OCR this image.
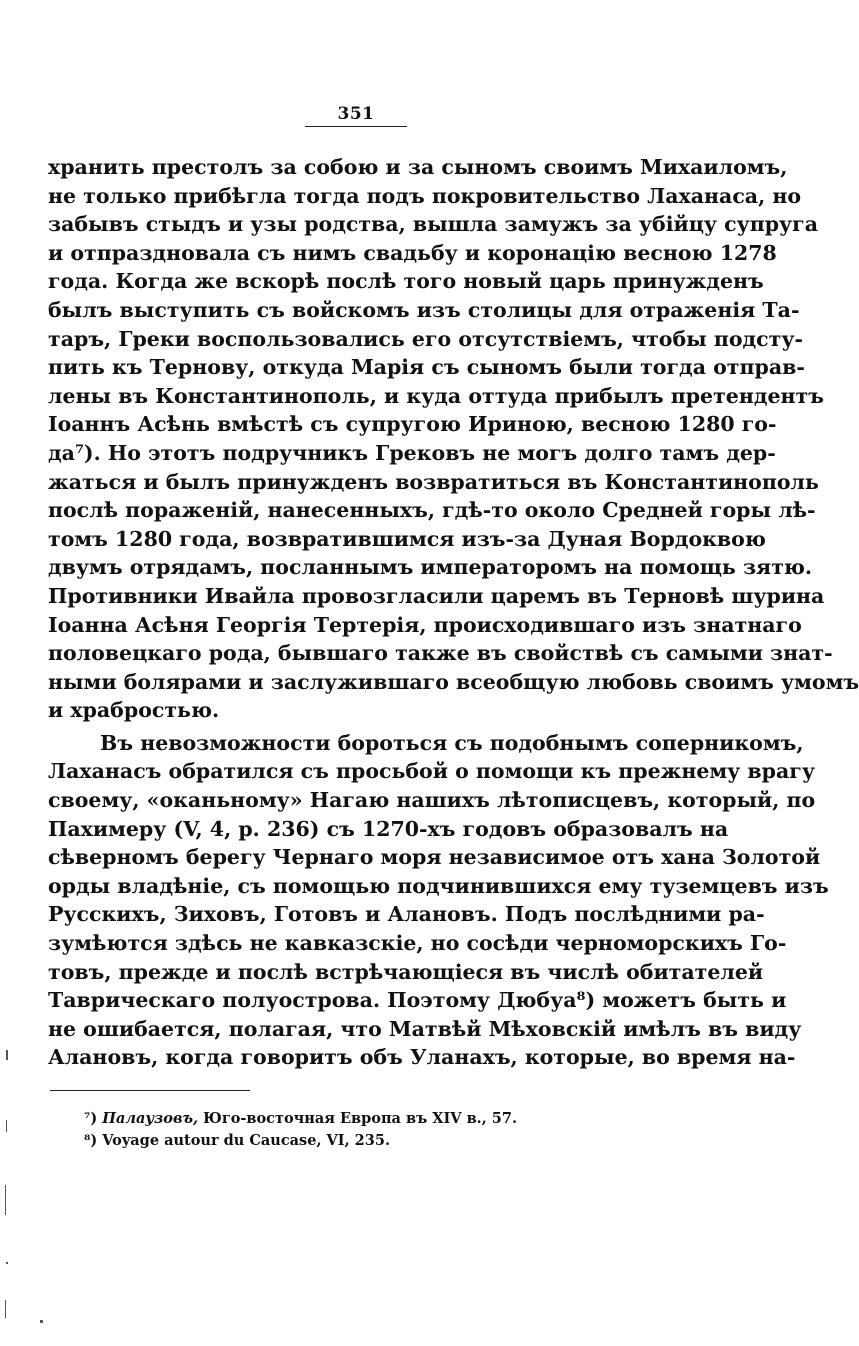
351
хранить престолъ за собою и за сыномъ своимъ Михаиломъ,
не только прибѣгла тогда подъ покровительство Лаханаса, но
забывъ стыдъ и узы родства, вышла замужъ за убійцу супруга
и отпраздновала съ нимъ свадьбу и коронацію весною 1278
года. Когда же вскорѣ послѣ того новый царь принужденъ
былъ выступить съ войскомъ изъ столицы для отраженія Та-
таръ, Греки воспользовались его отсутствіемъ, чтобы подсту-
пить къ Тернову, откуда Марія съ сыномъ были тогда отправ-
лены въ Константинополь, и куда оттуда прибылъ претендентъ
Іоаннъ Асѣнь вмѣстѣ съ супругою Ириною, весною 1280 го-
да⁷). Но этотъ подручникъ Грековъ не могъ долго тамъ дер-
жаться и былъ принужденъ возвратиться въ Константинополь
послѣ пораженій, нанесенныхъ, гдѣ-то около Средней горы лѣ-
томъ 1280 года, возвратившимся изъ-за Дуная Вордоквою
двумъ отрядамъ, посланнымъ императоромъ на помощь зятю.
Противники Ивайла провозгласили царемъ въ Терновѣ шурина
Іоанна Асѣня Георгія Тертерія, происходившаго изъ знатнаго
половецкаго рода, бывшаго также въ свойствѣ съ самыми знат-
ными болярами и заслужившаго всеобщую любовь своимъ умомъ
и храбростью.
Въ невозможности бороться съ подобнымъ соперникомъ,
Лаханасъ обратился съ просьбой о помощи къ прежнему врагу
своему, «оканьному» Нагаю нашихъ лѣтописцевъ, который, по
Пахимеру (V, 4, p. 236) съ 1270-хъ годовъ образовалъ на
сѣверномъ берегу Чернаго моря независимое отъ хана Золотой
орды владѣніе, съ помощью подчинившихся ему туземцевъ изъ
Русскихъ, Зиховъ, Готовъ и Алановъ. Подъ послѣдними ра-
зумѣются здѣсь не кавказскіе, но сосѣди черноморскихъ Го-
товъ, прежде и послѣ встрѣчающіеся въ числѣ обитателей
Таврическаго полуострова. Поэтому Дюбуа⁸) можетъ быть и
не ошибается, полагая, что Матвѣй Мѣховскій имѣлъ въ виду
Алановъ, когда говоритъ объ Уланахъ, которые, во время на-
⁷) Палаузовъ, Юго-восточная Европа въ XIV в., 57.
⁸) Voyage autour du Caucase, VI, 235.
